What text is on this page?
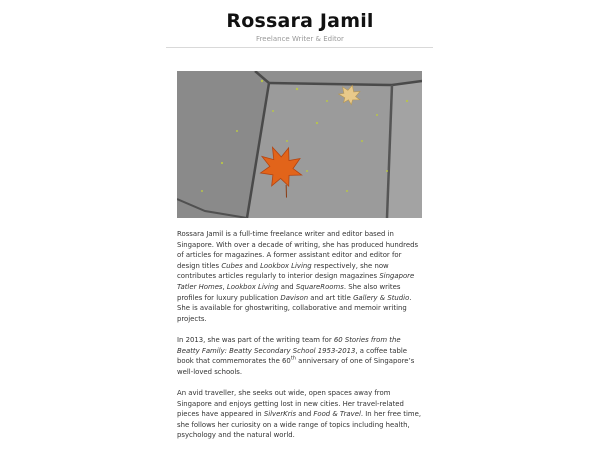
Rossara Jamil
Freelance Writer & Editor

Rossara Jamil is a full-time freelance writer and editor based in Singapore. With over a decade of writing, she has produced hundreds of articles for magazines. A former assistant editor and editor for design titles Cubes and Lookbox Living respectively, she now contributes articles regularly to interior design magazines Singapore Tatler Homes, Lookbox Living and SquareRooms. She also writes profiles for luxury publication Davison and art title Gallery & Studio. She is available for ghostwriting, collaborative and memoir writing projects.

In 2013, she was part of the writing team for 60 Stories from the Beatty Family: Beatty Secondary School 1953-2013, a coffee table book that commemorates the 60th anniversary of one of Singapore’s well-loved schools.

An avid traveller, she seeks out wide, open spaces away from Singapore and enjoys getting lost in new cities. Her travel-related pieces have appeared in SilverKris and Food & Travel. In her free time, she follows her curiosity on a wide range of topics including health, psychology and the natural world.
